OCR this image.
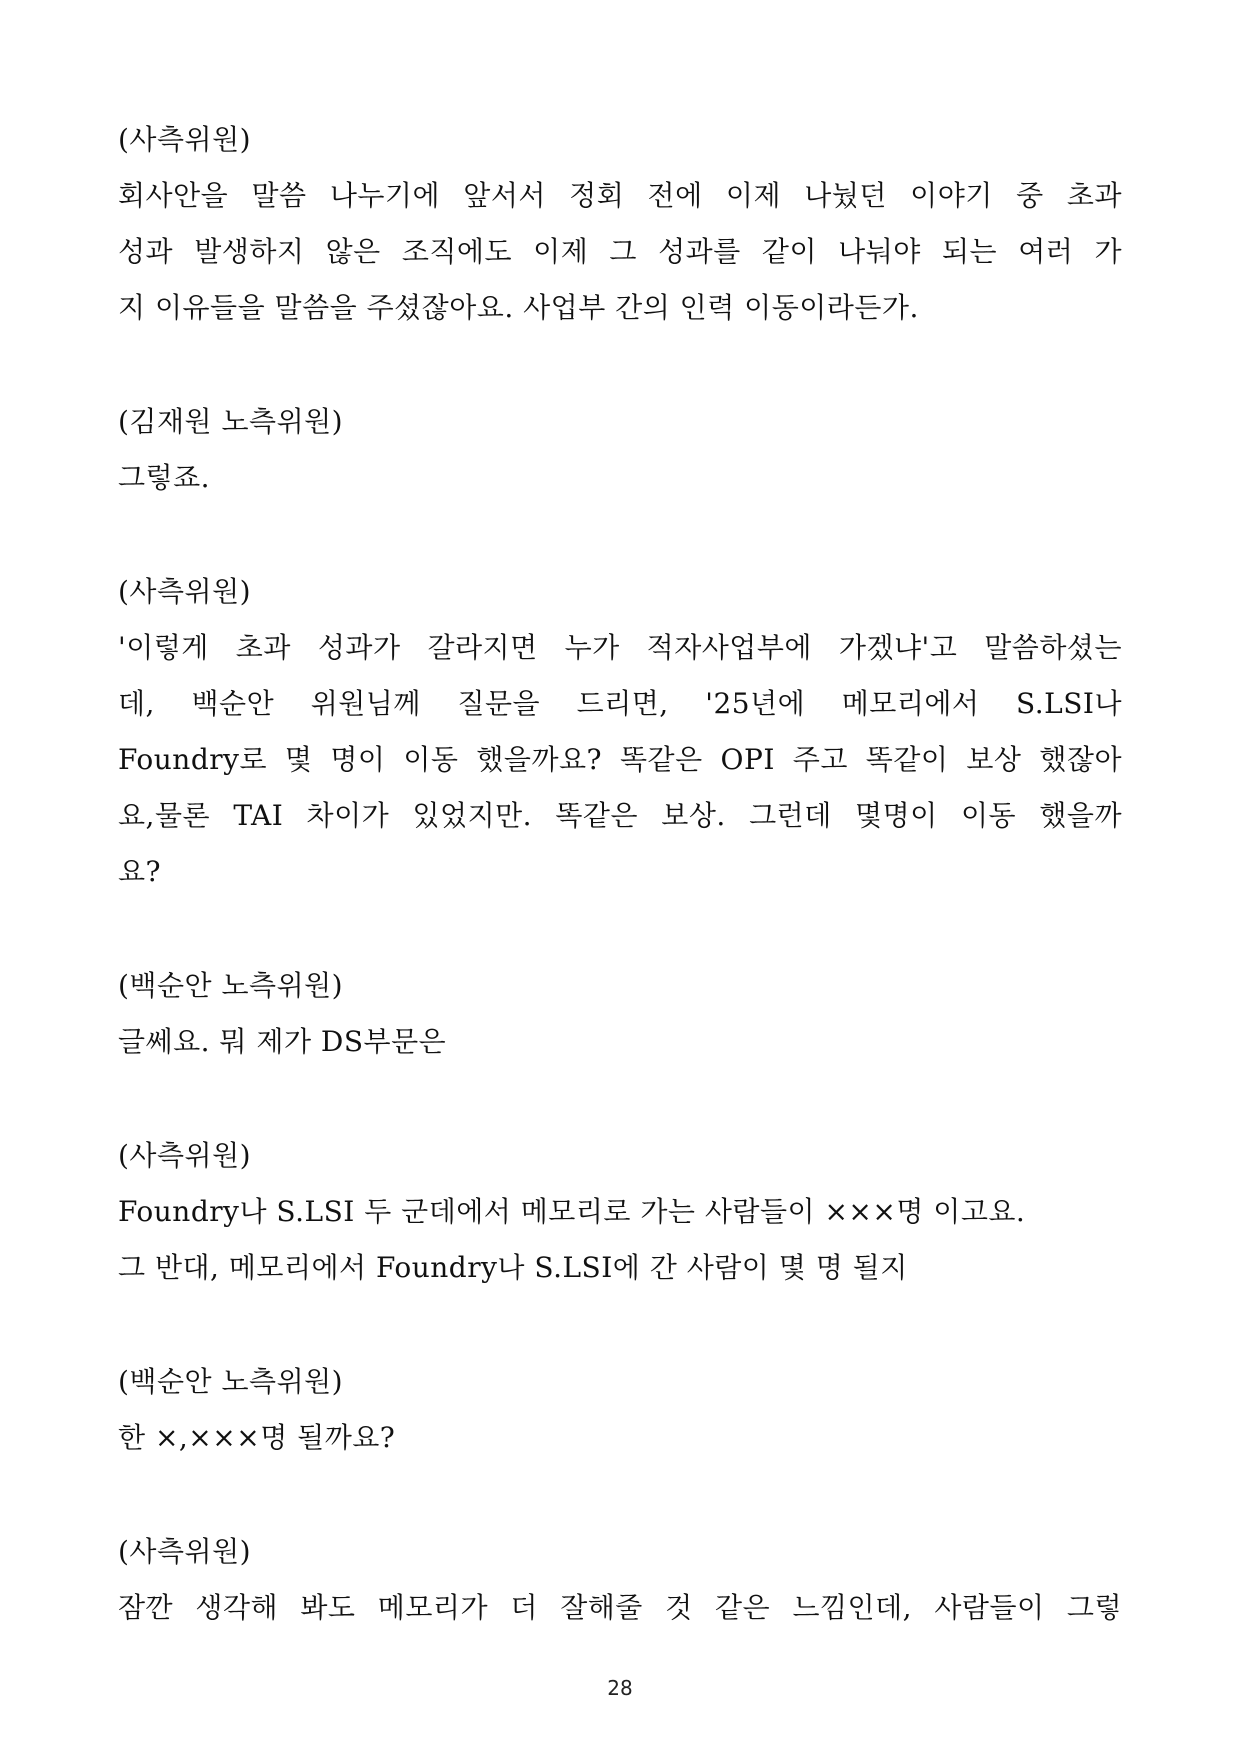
(사측위원)
회사안을 말씀 나누기에 앞서서 정회 전에 이제 나눴던 이야기 중 초과
성과 발생하지 않은 조직에도 이제 그 성과를 같이 나눠야 되는 여러 가
지 이유들을 말씀을 주셨잖아요. 사업부 간의 인력 이동이라든가.
(김재원 노측위원)
그렇죠.
(사측위원)
'이렇게 초과 성과가 갈라지면 누가 적자사업부에 가겠냐'고 말씀하셨는
데, 백순안 위원님께 질문을 드리면, '25년에 메모리에서 S.LSI나
Foundry로 몇 명이 이동 했을까요? 똑같은 OPI 주고 똑같이 보상 했잖아
요,물론 TAI 차이가 있었지만. 똑같은 보상. 그런데 몇명이 이동 했을까
요?
(백순안 노측위원)
글쎄요. 뭐 제가 DS부문은
(사측위원)
Foundry나 S.LSI 두 군데에서 메모리로 가는 사람들이 ×××명 이고요.
그 반대, 메모리에서 Foundry나 S.LSI에 간 사람이 몇 명 될지
(백순안 노측위원)
한 ×,×××명 될까요?
(사측위원)
잠깐 생각해 봐도 메모리가 더 잘해줄 것 같은 느낌인데, 사람들이 그렇
28
